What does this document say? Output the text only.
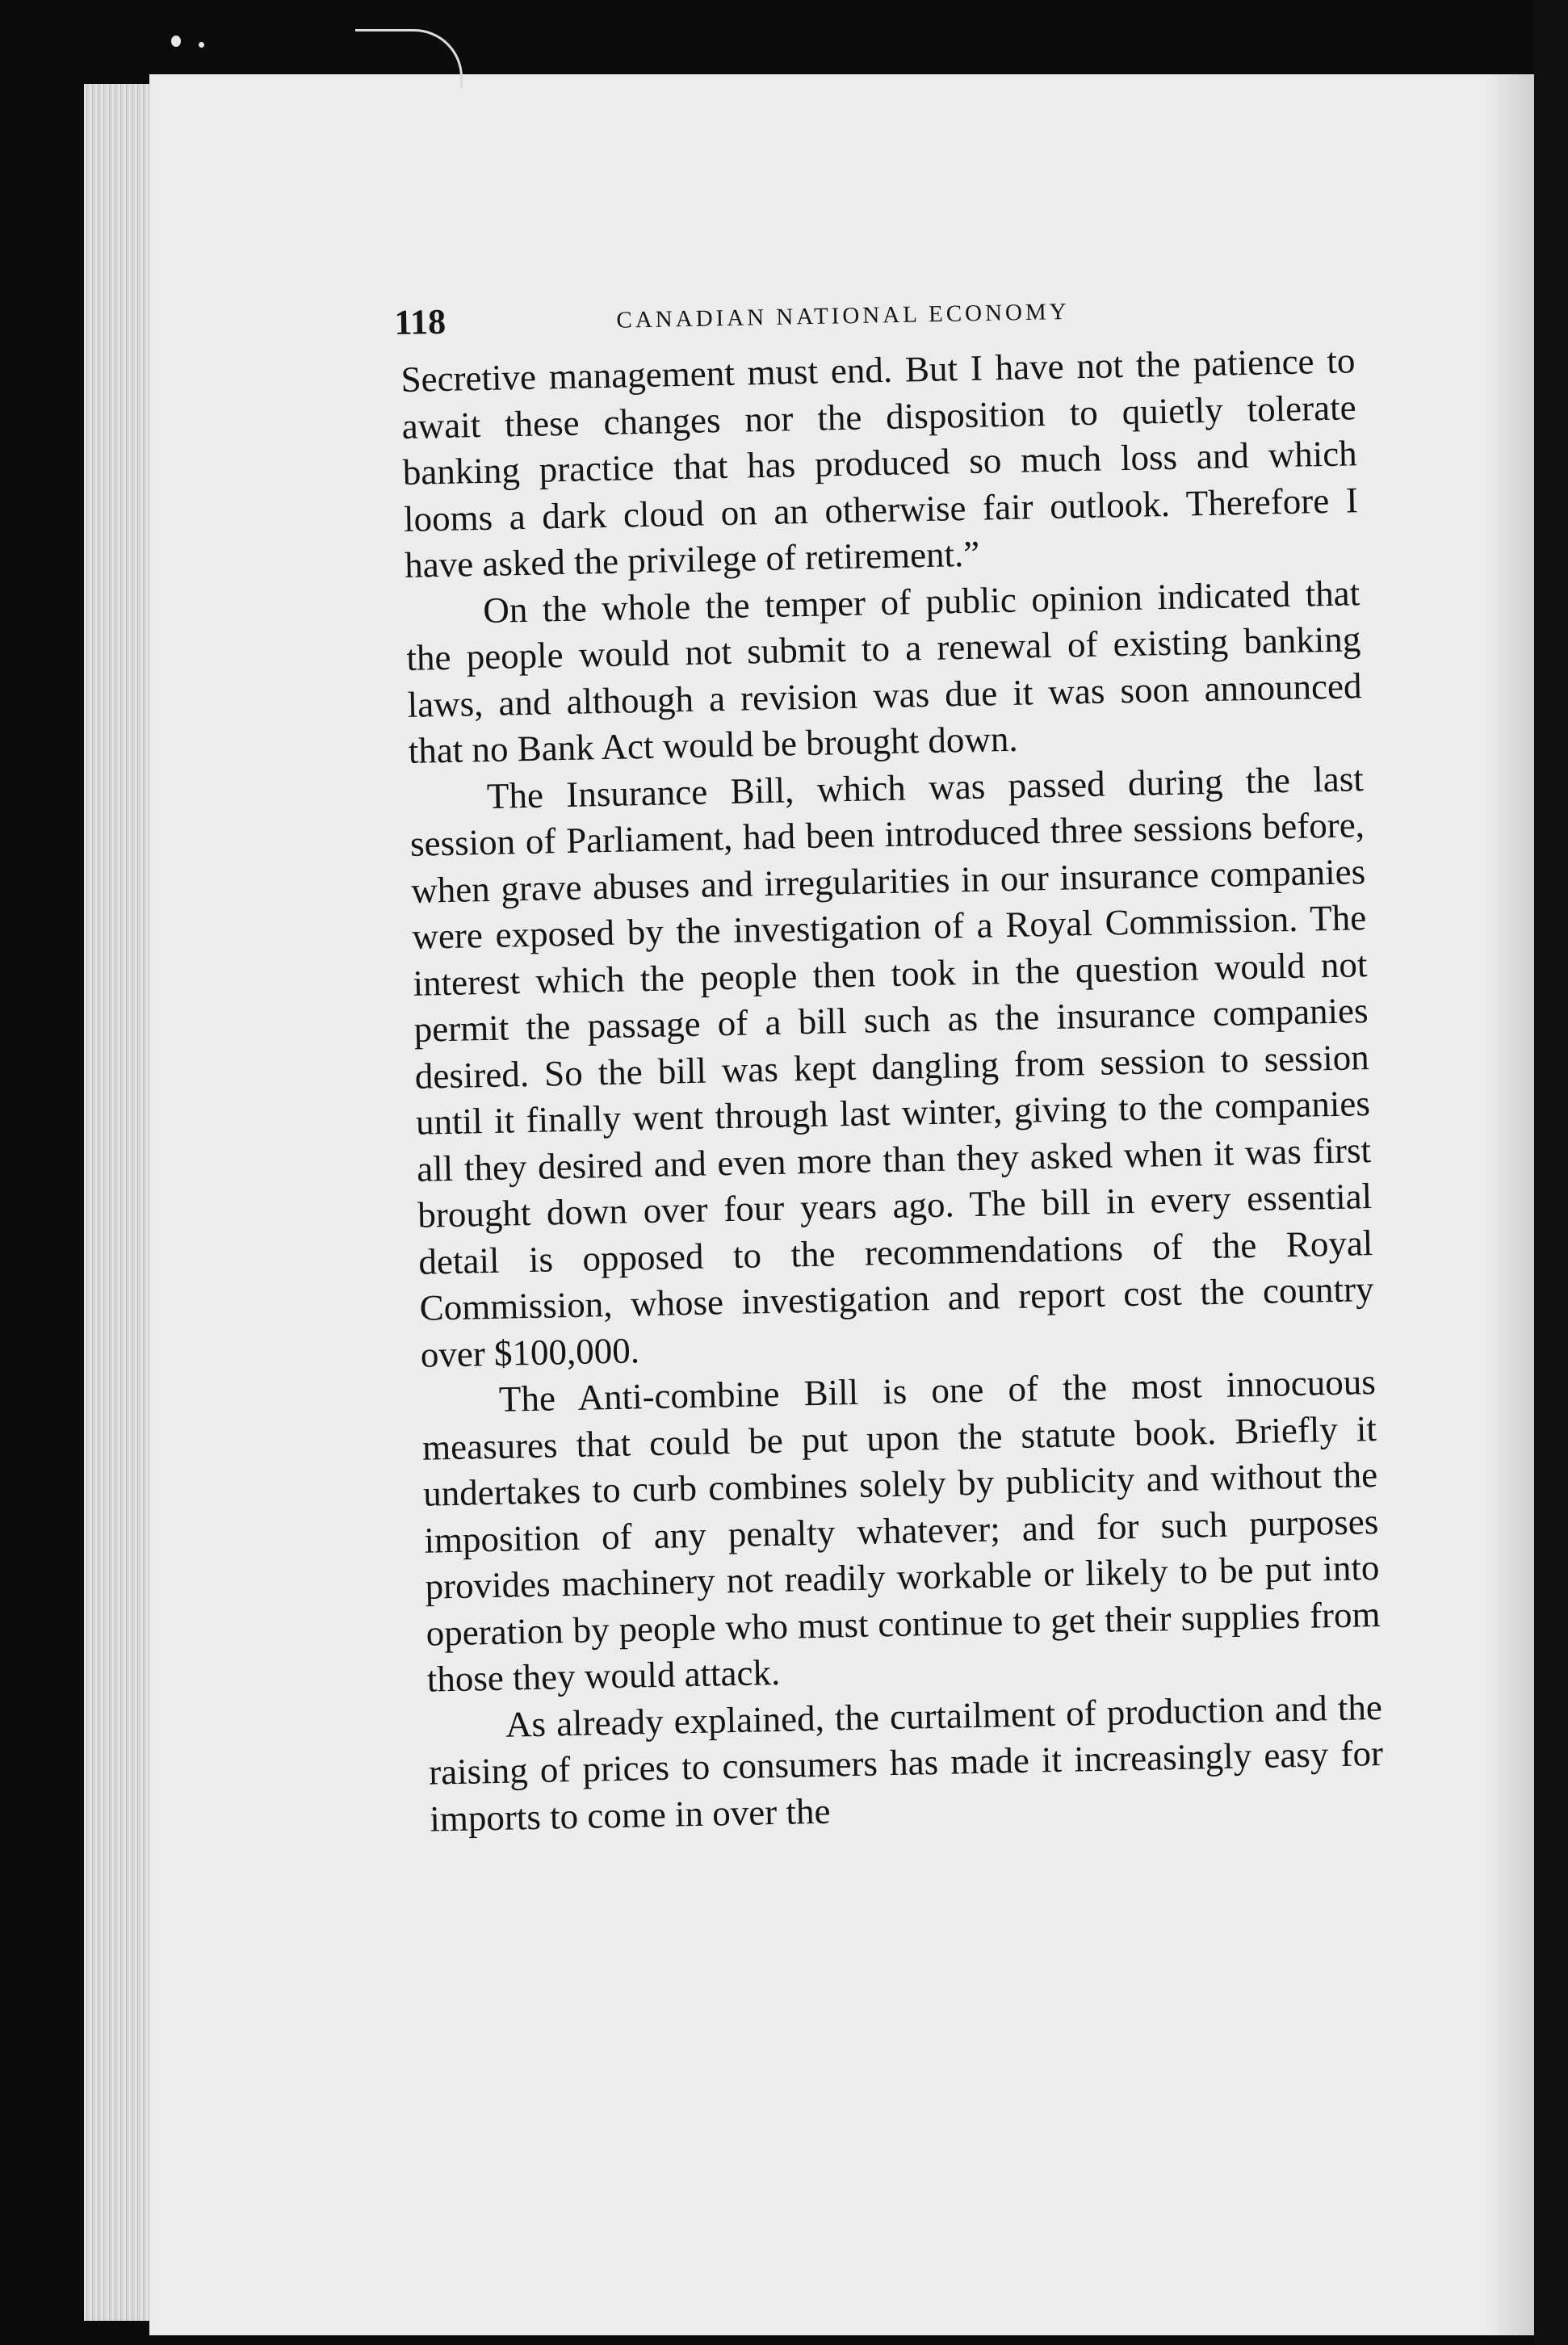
118	CANADIAN NATIONAL ECONOMY

Secretive management must end. But I have not the patience to await these changes nor the disposition to quietly tolerate banking practice that has produced so much loss and which looms a dark cloud on an otherwise fair outlook. Therefore I have asked the privilege of retirement.”

On the whole the temper of public opinion indicated that the people would not submit to a renewal of existing banking laws, and although a revision was due it was soon announced that no Bank Act would be brought down.

The Insurance Bill, which was passed during the last session of Parliament, had been introduced three sessions before, when grave abuses and irregularities in our insurance companies were exposed by the investigation of a Royal Commission. The interest which the people then took in the question would not permit the passage of a bill such as the insurance companies desired. So the bill was kept dangling from session to session until it finally went through last winter, giving to the companies all they desired and even more than they asked when it was first brought down over four years ago. The bill in every essential detail is opposed to the recommendations of the Royal Commission, whose investigation and report cost the country over $100,000.

The Anti-combine Bill is one of the most innocuous measures that could be put upon the statute book. Briefly it undertakes to curb combines solely by publicity and without the imposition of any penalty whatever; and for such purposes provides machinery not readily workable or likely to be put into operation by people who must continue to get their supplies from those they would attack.

As already explained, the curtailment of production and the raising of prices to consumers has made it increasingly easy for imports to come in over the
